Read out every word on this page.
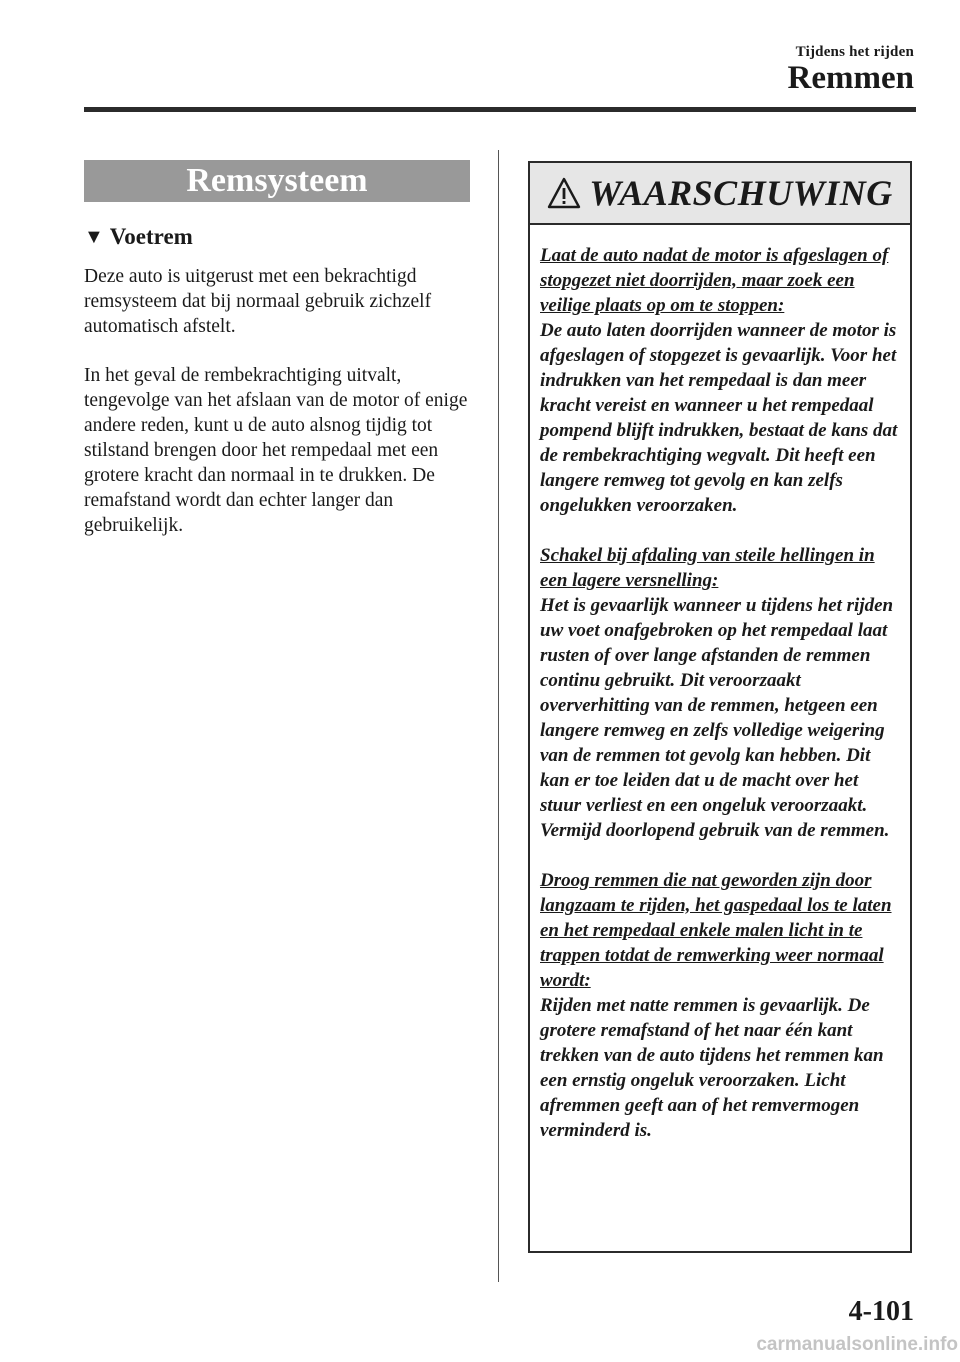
Tijdens het rijden
Remmen
Remsysteem
▼ Voetrem

Deze auto is uitgerust met een bekrachtigd remsysteem dat bij normaal gebruik zichzelf automatisch afstelt.

In het geval de rembekrachtiging uitvalt, tengevolge van het afslaan van de motor of enige andere reden, kunt u de auto alsnog tijdig tot stilstand brengen door het rempedaal met een grotere kracht dan normaal in te drukken. De remafstand wordt dan echter langer dan gebruikelijk.

WAARSCHUWING
Laat de auto nadat de motor is afgeslagen of stopgezet niet doorrijden, maar zoek een veilige plaats op om te stoppen:
De auto laten doorrijden wanneer de motor is afgeslagen of stopgezet is gevaarlijk. Voor het indrukken van het rempedaal is dan meer kracht vereist en wanneer u het rempedaal pompend blijft indrukken, bestaat de kans dat de rembekrachtiging wegvalt. Dit heeft een langere remweg tot gevolg en kan zelfs ongelukken veroorzaken.
Schakel bij afdaling van steile hellingen in een lagere versnelling:
Het is gevaarlijk wanneer u tijdens het rijden uw voet onafgebroken op het rempedaal laat rusten of over lange afstanden de remmen continu gebruikt. Dit veroorzaakt oververhitting van de remmen, hetgeen een langere remweg en zelfs volledige weigering van de remmen tot gevolg kan hebben. Dit kan er toe leiden dat u de macht over het stuur verliest en een ongeluk veroorzaakt. Vermijd doorlopend gebruik van de remmen.
Droog remmen die nat geworden zijn door langzaam te rijden, het gaspedaal los te laten en het rempedaal enkele malen licht in te trappen totdat de remwerking weer normaal wordt:
Rijden met natte remmen is gevaarlijk. De grotere remafstand of het naar één kant trekken van de auto tijdens het remmen kan een ernstig ongeluk veroorzaken. Licht afremmen geeft aan of het remvermogen verminderd is.
4-101
carmanualsonline.info
